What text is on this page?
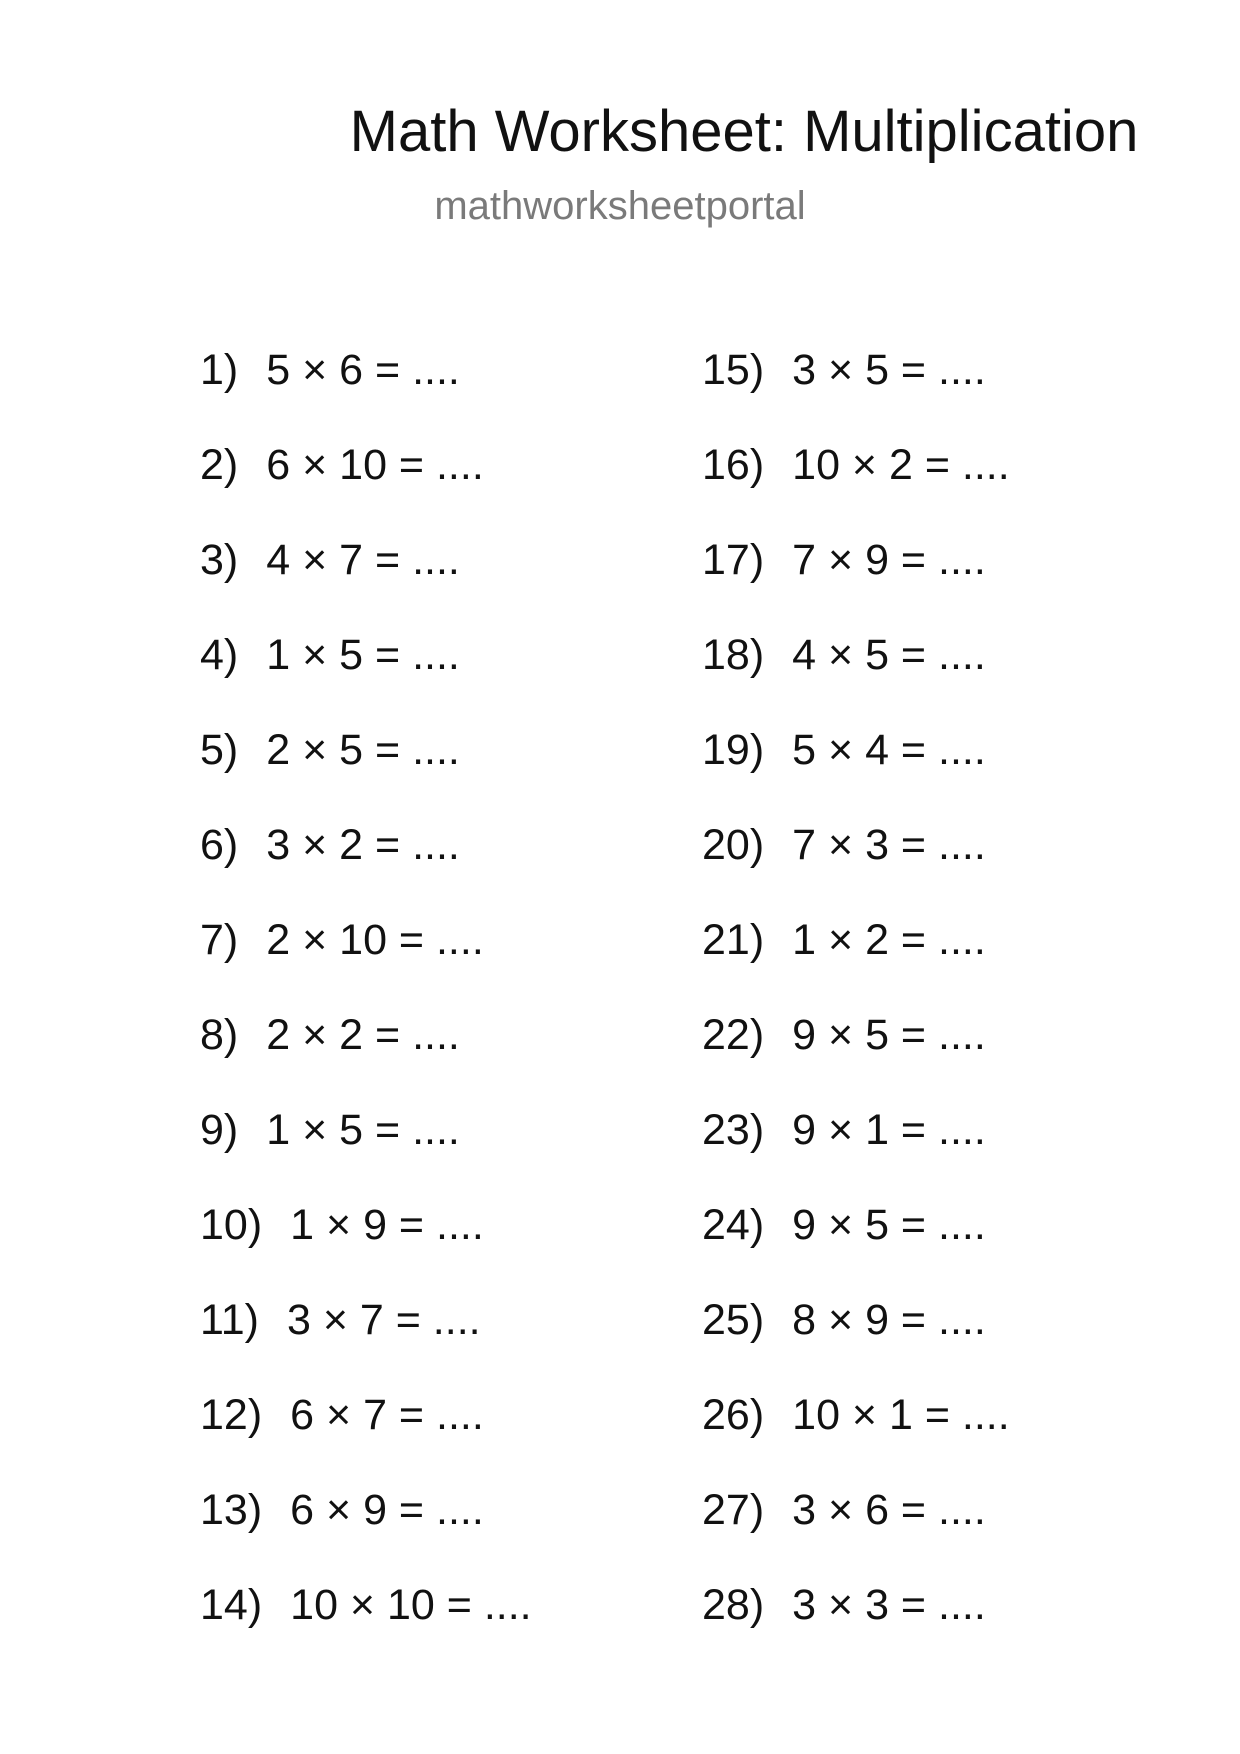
Math Worksheet: Multiplication
mathworksheetportal
1) 5 × 6 = ....
2) 6 × 10 = ....
3) 4 × 7 = ....
4) 1 × 5 = ....
5) 2 × 5 = ....
6) 3 × 2 = ....
7) 2 × 10 = ....
8) 2 × 2 = ....
9) 1 × 5 = ....
10) 1 × 9 = ....
11) 3 × 7 = ....
12) 6 × 7 = ....
13) 6 × 9 = ....
14) 10 × 10 = ....
15) 3 × 5 = ....
16) 10 × 2 = ....
17) 7 × 9 = ....
18) 4 × 5 = ....
19) 5 × 4 = ....
20) 7 × 3 = ....
21) 1 × 2 = ....
22) 9 × 5 = ....
23) 9 × 1 = ....
24) 9 × 5 = ....
25) 8 × 9 = ....
26) 10 × 1 = ....
27) 3 × 6 = ....
28) 3 × 3 = ....
